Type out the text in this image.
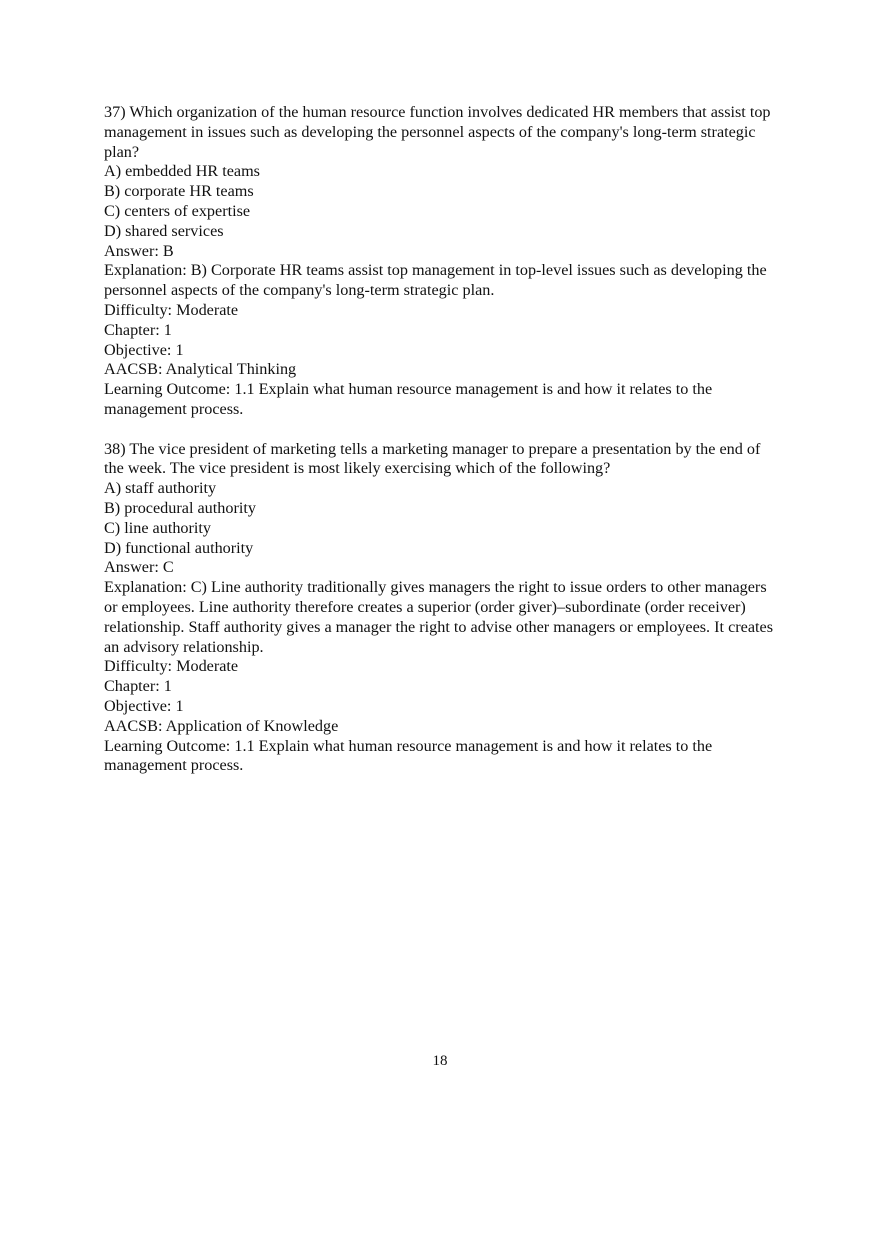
37) Which organization of the human resource function involves dedicated HR members that assist top management in issues such as developing the personnel aspects of the company's long-term strategic plan?
A) embedded HR teams
B) corporate HR teams
C) centers of expertise
D) shared services
Answer: B
Explanation: B) Corporate HR teams assist top management in top-level issues such as developing the personnel aspects of the company's long-term strategic plan.
Difficulty: Moderate
Chapter: 1
Objective: 1
AACSB: Analytical Thinking
Learning Outcome: 1.1 Explain what human resource management is and how it relates to the management process.
38) The vice president of marketing tells a marketing manager to prepare a presentation by the end of the week. The vice president is most likely exercising which of the following?
A) staff authority
B) procedural authority
C) line authority
D) functional authority
Answer: C
Explanation: C) Line authority traditionally gives managers the right to issue orders to other managers or employees. Line authority therefore creates a superior (order giver)–subordinate (order receiver) relationship. Staff authority gives a manager the right to advise other managers or employees. It creates an advisory relationship.
Difficulty: Moderate
Chapter: 1
Objective: 1
AACSB: Application of Knowledge
Learning Outcome: 1.1 Explain what human resource management is and how it relates to the management process.
18
